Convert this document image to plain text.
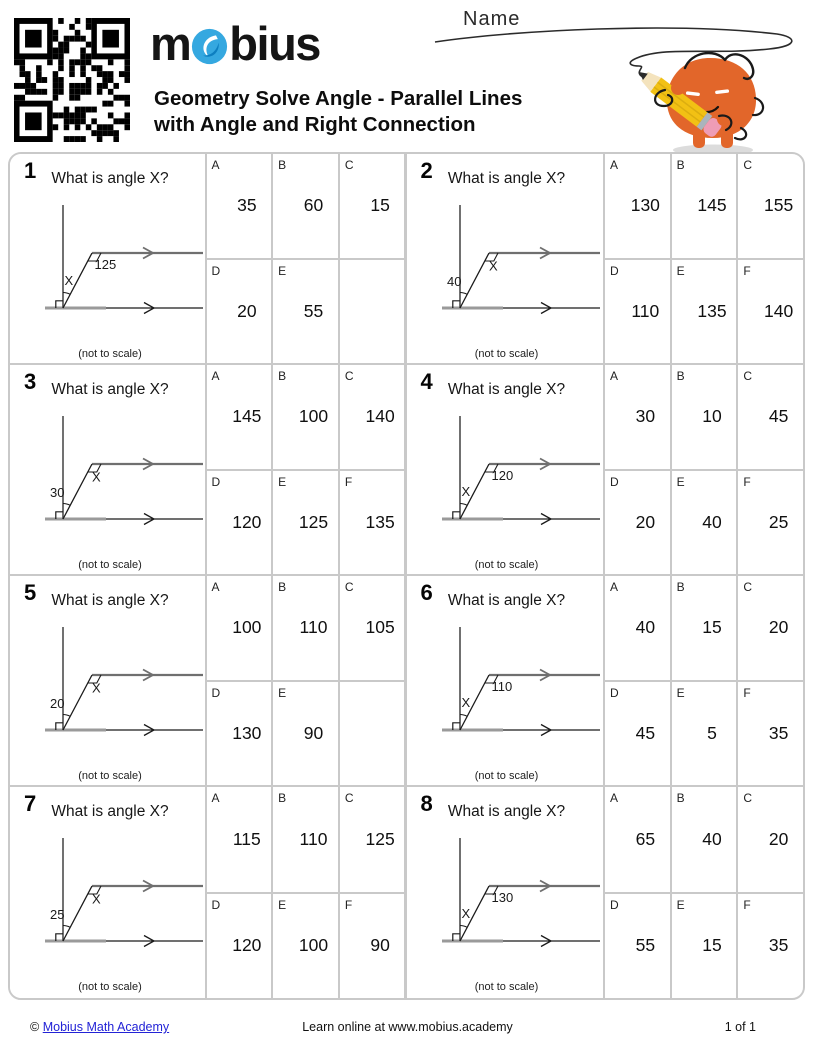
m bius
Geometry Solve Angle - Parallel Lines
with Angle and Right Connection
Name
1 What is angle X?
125
X
(not to scale)
A
35
B
60
C
15
D
20
E
55
2 What is angle X?
X
40
(not to scale)
A
130
B
145
C
155
D
110
E
135
F
140
3 What is angle X?
X
30
(not to scale)
A
145
B
100
C
140
D
120
E
125
F
135
4 What is angle X?
120
X
(not to scale)
A
30
B
10
C
45
D
20
E
40
F
25
5 What is angle X?
X
20
(not to scale)
A
100
B
110
C
105
D
130
E
90
6 What is angle X?
110
X
(not to scale)
A
40
B
15
C
20
D
45
E
5
F
35
7 What is angle X?
X
25
(not to scale)
A
115
B
110
C
125
D
120
E
100
F
90
8 What is angle X?
130
X
(not to scale)
A
65
B
40
C
20
D
55
E
15
F
35
© Mobius Math Academy	Learn online at www.mobius.academy	1 of 1
